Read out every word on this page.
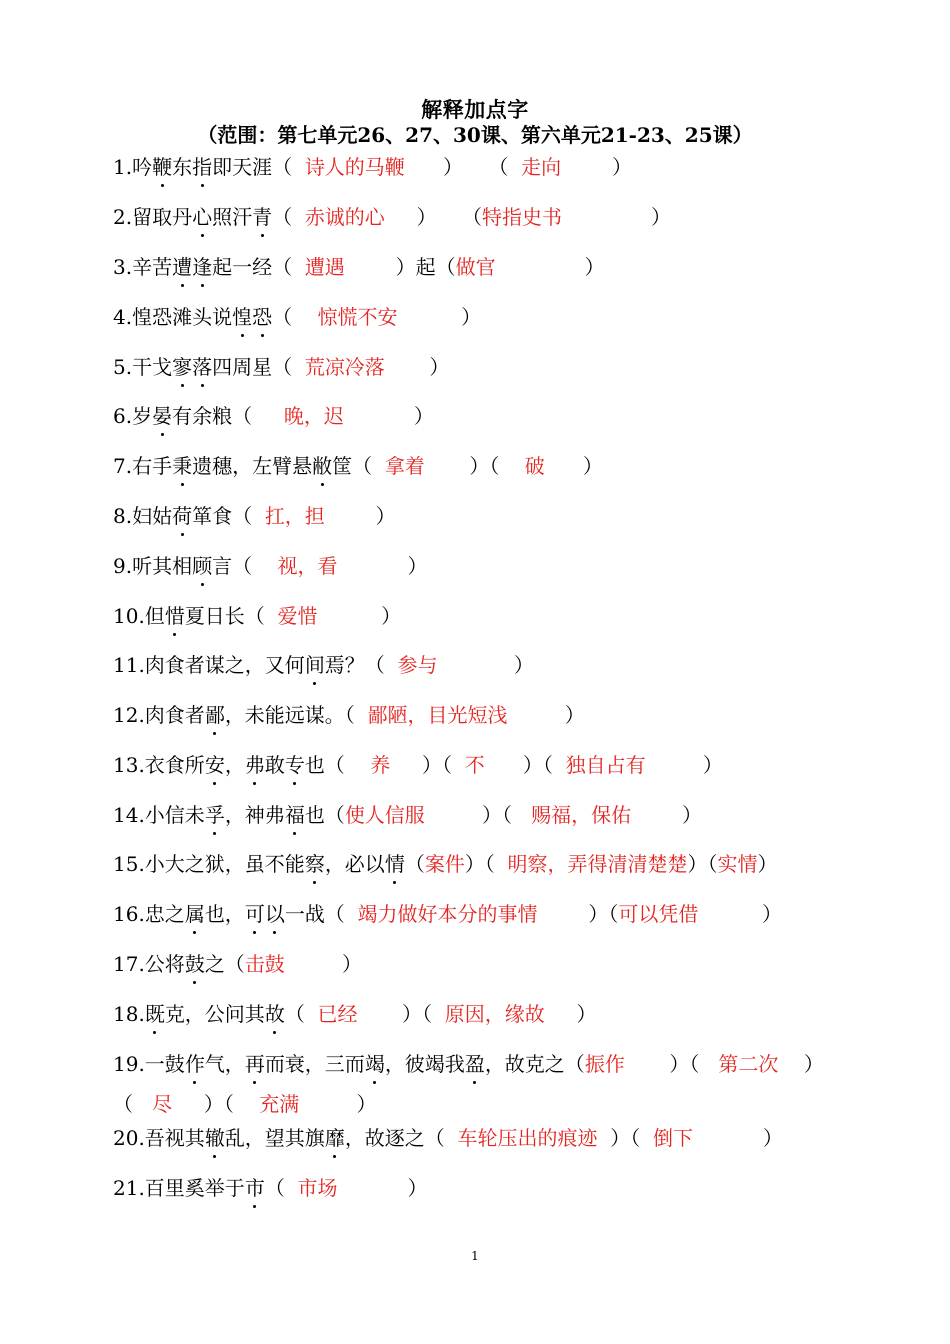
解释加点字
（范围：第七单元26、27、30课、第六单元21-23、25课）
1.吟鞭东指即天涯（  诗人的马鞭      ）    （  走向        ）
2.留取丹心照汗青（  赤诚的心     ）    （特指史书              ）
3.辛苦遭逢起一经（  遭遇        ）起（做官              ）
4.惶恐滩头说惶恐（    惊慌不安          ）
5.干戈寥落四周星（  荒凉冷落       ）
6.岁晏有余粮（     晚，迟           ）
7.右手秉遗穗，左臂悬敝筐（  拿着       ）（    破      ）
8.妇姑荷箪食（  扛，担        ）
9.听其相顾言（    视，看           ）
10.但惜夏日长（  爱惜          ）
11.肉食者谋之，又何间焉？（  参与            ）
12.肉食者鄙，未能远谋。（  鄙陋，目光短浅         ）
13.衣食所安，弗敢专也（    养     ）（  不      ）（  独自占有         ）
14.小信未孚，神弗福也（使人信服         ）（   赐福，保佑        ）
15.小大之狱，虽不能察，必以情（案件）（  明察，弄得清清楚楚）（实情）
16.忠之属也，可以一战（  竭力做好本分的事情        ）（可以凭借          ）
17.公将鼓之（击鼓         ）
18.既克，公问其故（  已经       ）（  原因，缘故     ）
19.一鼓作气，再而衰，三而竭，彼竭我盈，故克之（振作       ）（   第二次    ）
（   尽     ）（    充满         ）
20.吾视其辙乱，望其旗靡，故逐之（  车轮压出的痕迹  ）（  倒下           ）
21.百里奚举于市（  市场           ）
1
